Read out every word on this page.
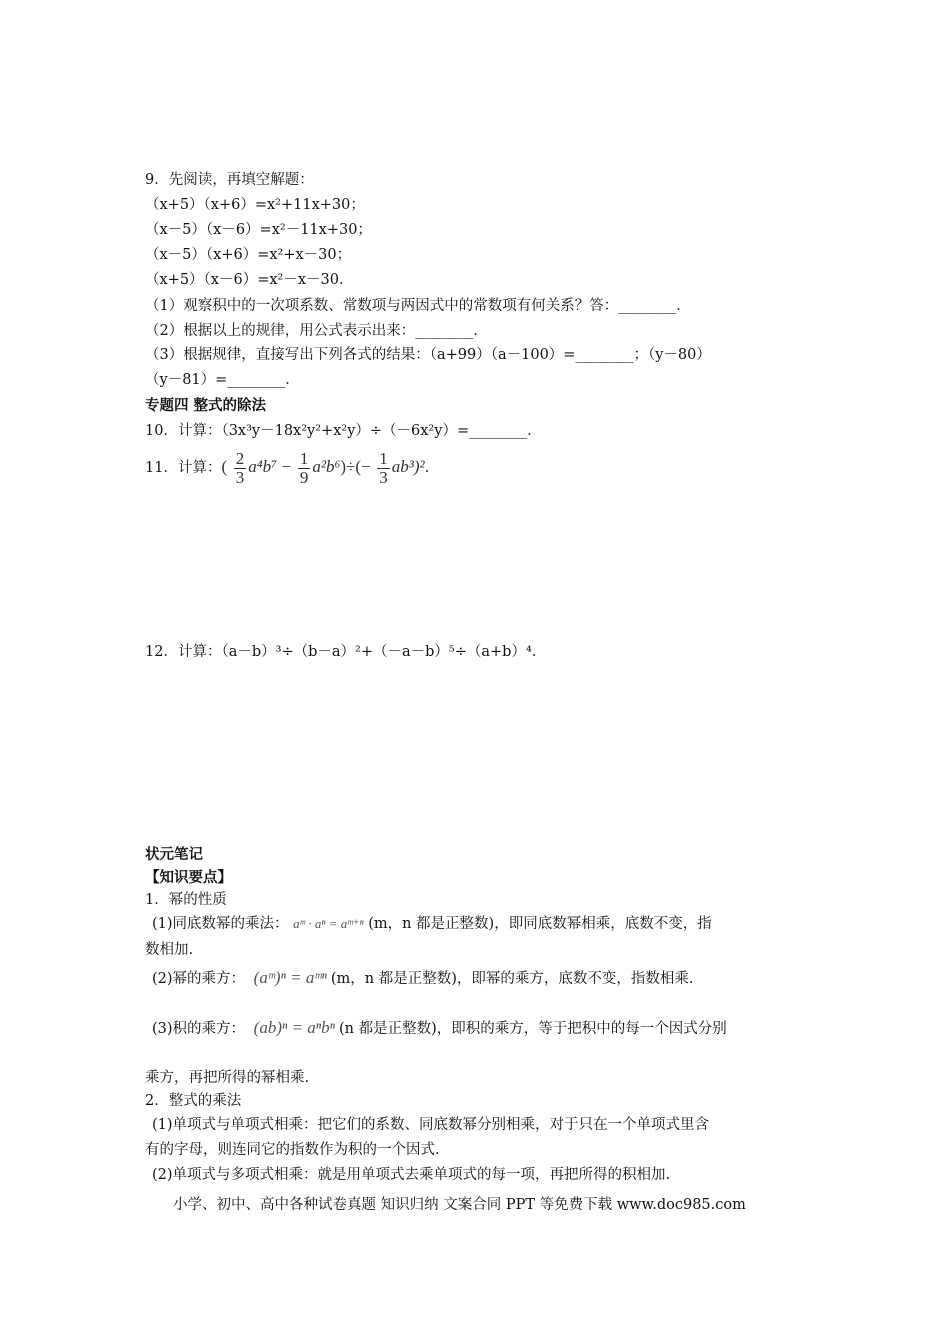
9．先阅读，再填空解题：
（x+5）（x+6）=x²+11x+30；
（x－5）（x－6）=x²－11x+30；
（x－5）（x+6）=x²+x－30；
（x+5）（x－6）=x²－x－30．
（1）观察积中的一次项系数、常数项与两因式中的常数项有何关系？答：________．
（2）根据以上的规律，用公式表示出来：________．
（3）根据规律，直接写出下列各式的结果：（a+99）（a－100）=________；（y－80）
（y－81）=________．
专题四 整式的除法
10．计算：（3x³y－18x²y²+x²y）÷（－6x²y）=________．
11．计算：( $\frac{2}{3} a^4b^7 - \frac{1}{9} a^2b^6)\div(- \frac{1}{3} ab^3)^2$.
12．计算：（a－b）³÷（b－a）²+（－a－b）⁵÷（a+b）⁴.
状元笔记
【知识要点】
1．幂的性质
(1)同底数幂的乘法： aᵐ · aⁿ = aᵐ⁺ⁿ (m，n 都是正整数)，即同底数幂相乘，底数不变，指
数相加.
(2)幂的乘方： (aᵐ)ⁿ = aᵐⁿ (m，n 都是正整数)，即幂的乘方，底数不变，指数相乘.
(3)积的乘方： (ab)ⁿ = aⁿbⁿ (n 都是正整数)，即积的乘方，等于把积中的每一个因式分别
乘方，再把所得的幂相乘.
2．整式的乘法
(1)单项式与单项式相乘：把它们的系数、同底数幂分别相乘，对于只在一个单项式里含
有的字母，则连同它的指数作为积的一个因式.
(2)单项式与多项式相乘：就是用单项式去乘单项式的每一项，再把所得的积相加.
小学、初中、高中各种试卷真题 知识归纳 文案合同 PPT 等免费下载 www.doc985.com
